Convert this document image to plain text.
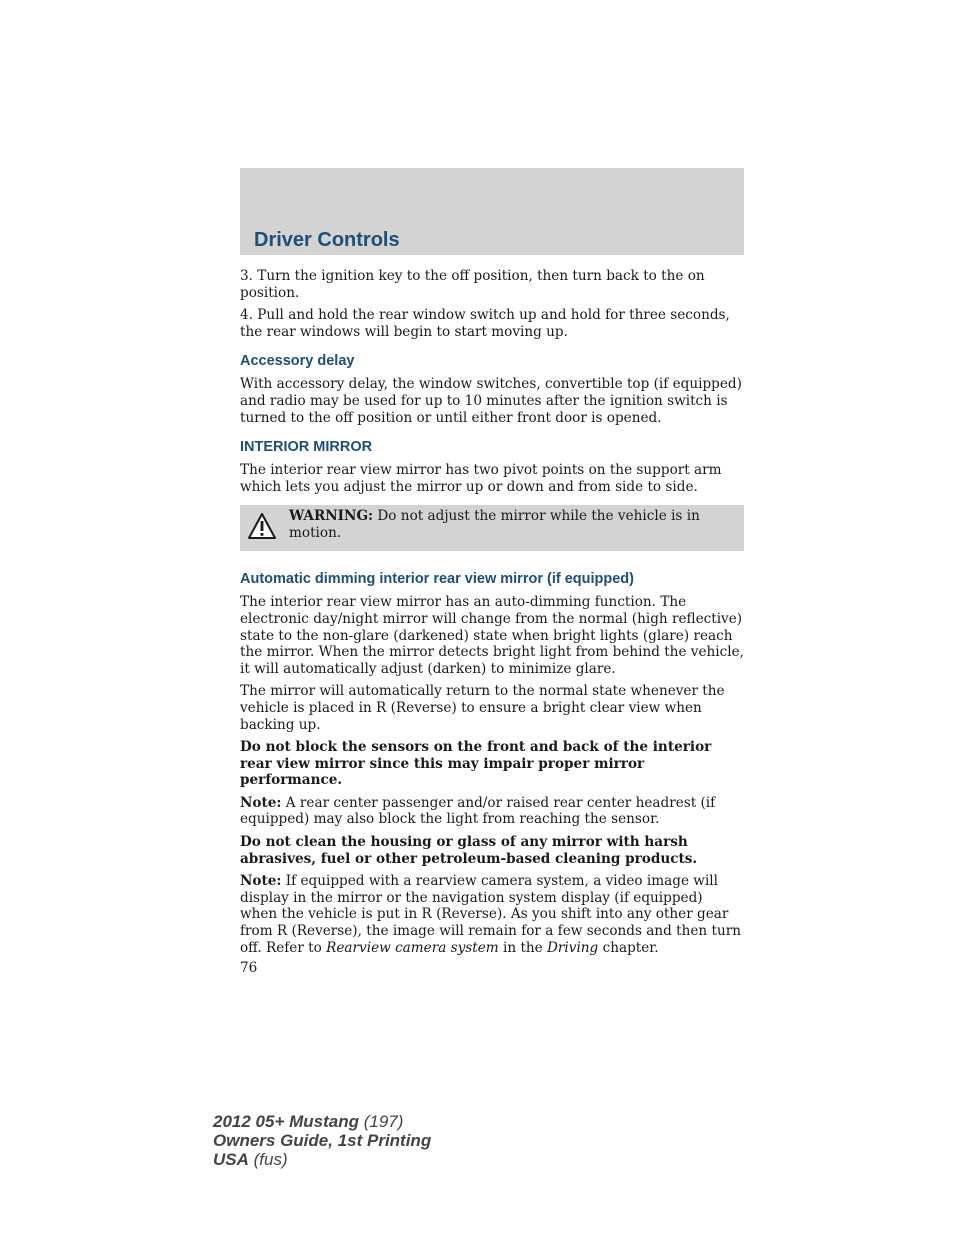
Driver Controls

3. Turn the ignition key to the off position, then turn back to the on position.

4. Pull and hold the rear window switch up and hold for three seconds, the rear windows will begin to start moving up.

Accessory delay

With accessory delay, the window switches, convertible top (if equipped) and radio may be used for up to 10 minutes after the ignition switch is turned to the off position or until either front door is opened.

INTERIOR MIRROR

The interior rear view mirror has two pivot points on the support arm which lets you adjust the mirror up or down and from side to side.

WARNING: Do not adjust the mirror while the vehicle is in motion.
Automatic dimming interior rear view mirror (if equipped)

The interior rear view mirror has an auto-dimming function. The electronic day/night mirror will change from the normal (high reflective) state to the non-glare (darkened) state when bright lights (glare) reach the mirror. When the mirror detects bright light from behind the vehicle, it will automatically adjust (darken) to minimize glare.

The mirror will automatically return to the normal state whenever the vehicle is placed in R (Reverse) to ensure a bright clear view when backing up.

Do not block the sensors on the front and back of the interior rear view mirror since this may impair proper mirror performance.

Note: A rear center passenger and/or raised rear center headrest (if equipped) may also block the light from reaching the sensor.

Do not clean the housing or glass of any mirror with harsh abrasives, fuel or other petroleum-based cleaning products.

Note: If equipped with a rearview camera system, a video image will display in the mirror or the navigation system display (if equipped) when the vehicle is put in R (Reverse). As you shift into any other gear from R (Reverse), the image will remain for a few seconds and then turn off. Refer to Rearview camera system in the Driving chapter.

76
2012 05+ Mustang (197)
Owners Guide, 1st Printing
USA (fus)
